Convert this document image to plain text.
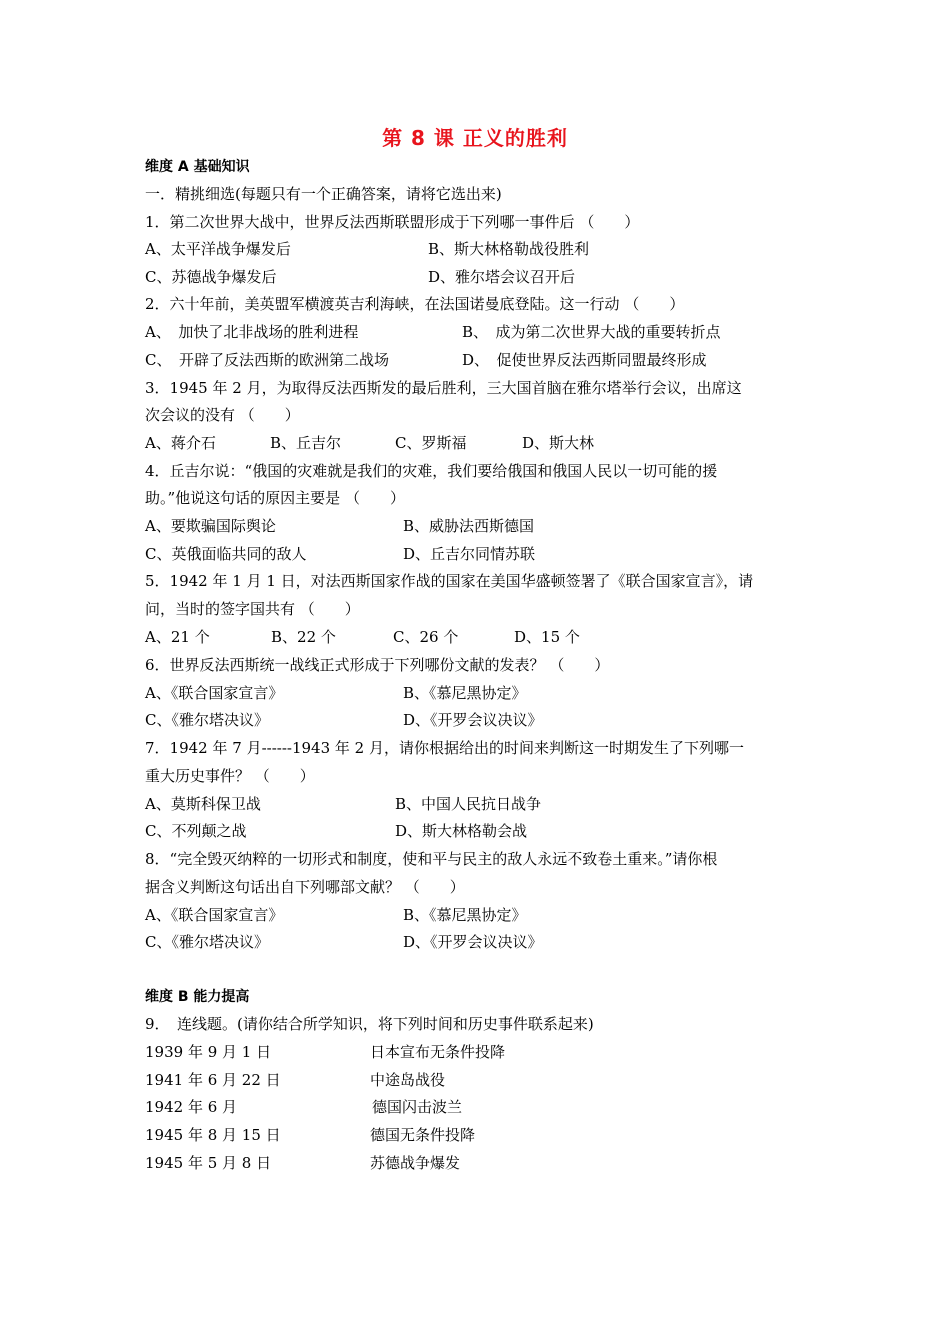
第 8 课 正义的胜利
维度 A 基础知识
一．精挑细选(每题只有一个正确答案，请将它选出来)
1．第二次世界大战中，世界反法西斯联盟形成于下列哪一事件后 （　　）
A、太平洋战争爆发后	B、斯大林格勒战役胜利
C、苏德战争爆发后	D、雅尔塔会议召开后
2．六十年前，美英盟军横渡英吉利海峡，在法国诺曼底登陆。这一行动 （　　）
A、　加快了北非战场的胜利进程	B、　成为第二次世界大战的重要转折点
C、　开辟了反法西斯的欧洲第二战场	D、　促使世界反法西斯同盟最终形成
3．1945 年 2 月，为取得反法西斯发的最后胜利，三大国首脑在雅尔塔举行会议，出席这
次会议的没有 （　　）
A、蒋介石	B、丘吉尔	C、罗斯福	D、斯大林
4．丘吉尔说：“俄国的灾难就是我们的灾难，我们要给俄国和俄国人民以一切可能的援
助。”他说这句话的原因主要是 （　　）
A、要欺骗国际舆论	B、威胁法西斯德国
C、英俄面临共同的敌人	D、丘吉尔同情苏联
5．1942 年 1 月 1 日，对法西斯国家作战的国家在美国华盛顿签署了《联合国家宣言》，请
问，当时的签字国共有 （　　）
A、21 个	B、22 个	C、26 个	D、15 个
6．世界反法西斯统一战线正式形成于下列哪份文献的发表？ （　　）
A、《联合国家宣言》	B、《慕尼黑协定》
C、《雅尔塔决议》	D、《开罗会议决议》
7．1942 年 7 月------1943 年 2 月，请你根据给出的时间来判断这一时期发生了下列哪一
重大历史事件？ （　　）
A、莫斯科保卫战	B、中国人民抗日战争
C、不列颠之战	D、斯大林格勒会战
8．“完全毁灭纳粹的一切形式和制度，使和平与民主的敌人永远不致卷土重来。”请你根
据含义判断这句话出自下列哪部文献？ （　　）
A、《联合国家宣言》	B、《慕尼黑协定》
C、《雅尔塔决议》	D、《开罗会议决议》
维度 B 能力提高
9．　连线题。(请你结合所学知识，将下列时间和历史事件联系起来)
1939 年 9 月 1 日	日本宣布无条件投降
1941 年 6 月 22 日	中途岛战役
1942 年 6 月	德国闪击波兰
1945 年 8 月 15 日	德国无条件投降
1945 年 5 月 8 日	苏德战争爆发
